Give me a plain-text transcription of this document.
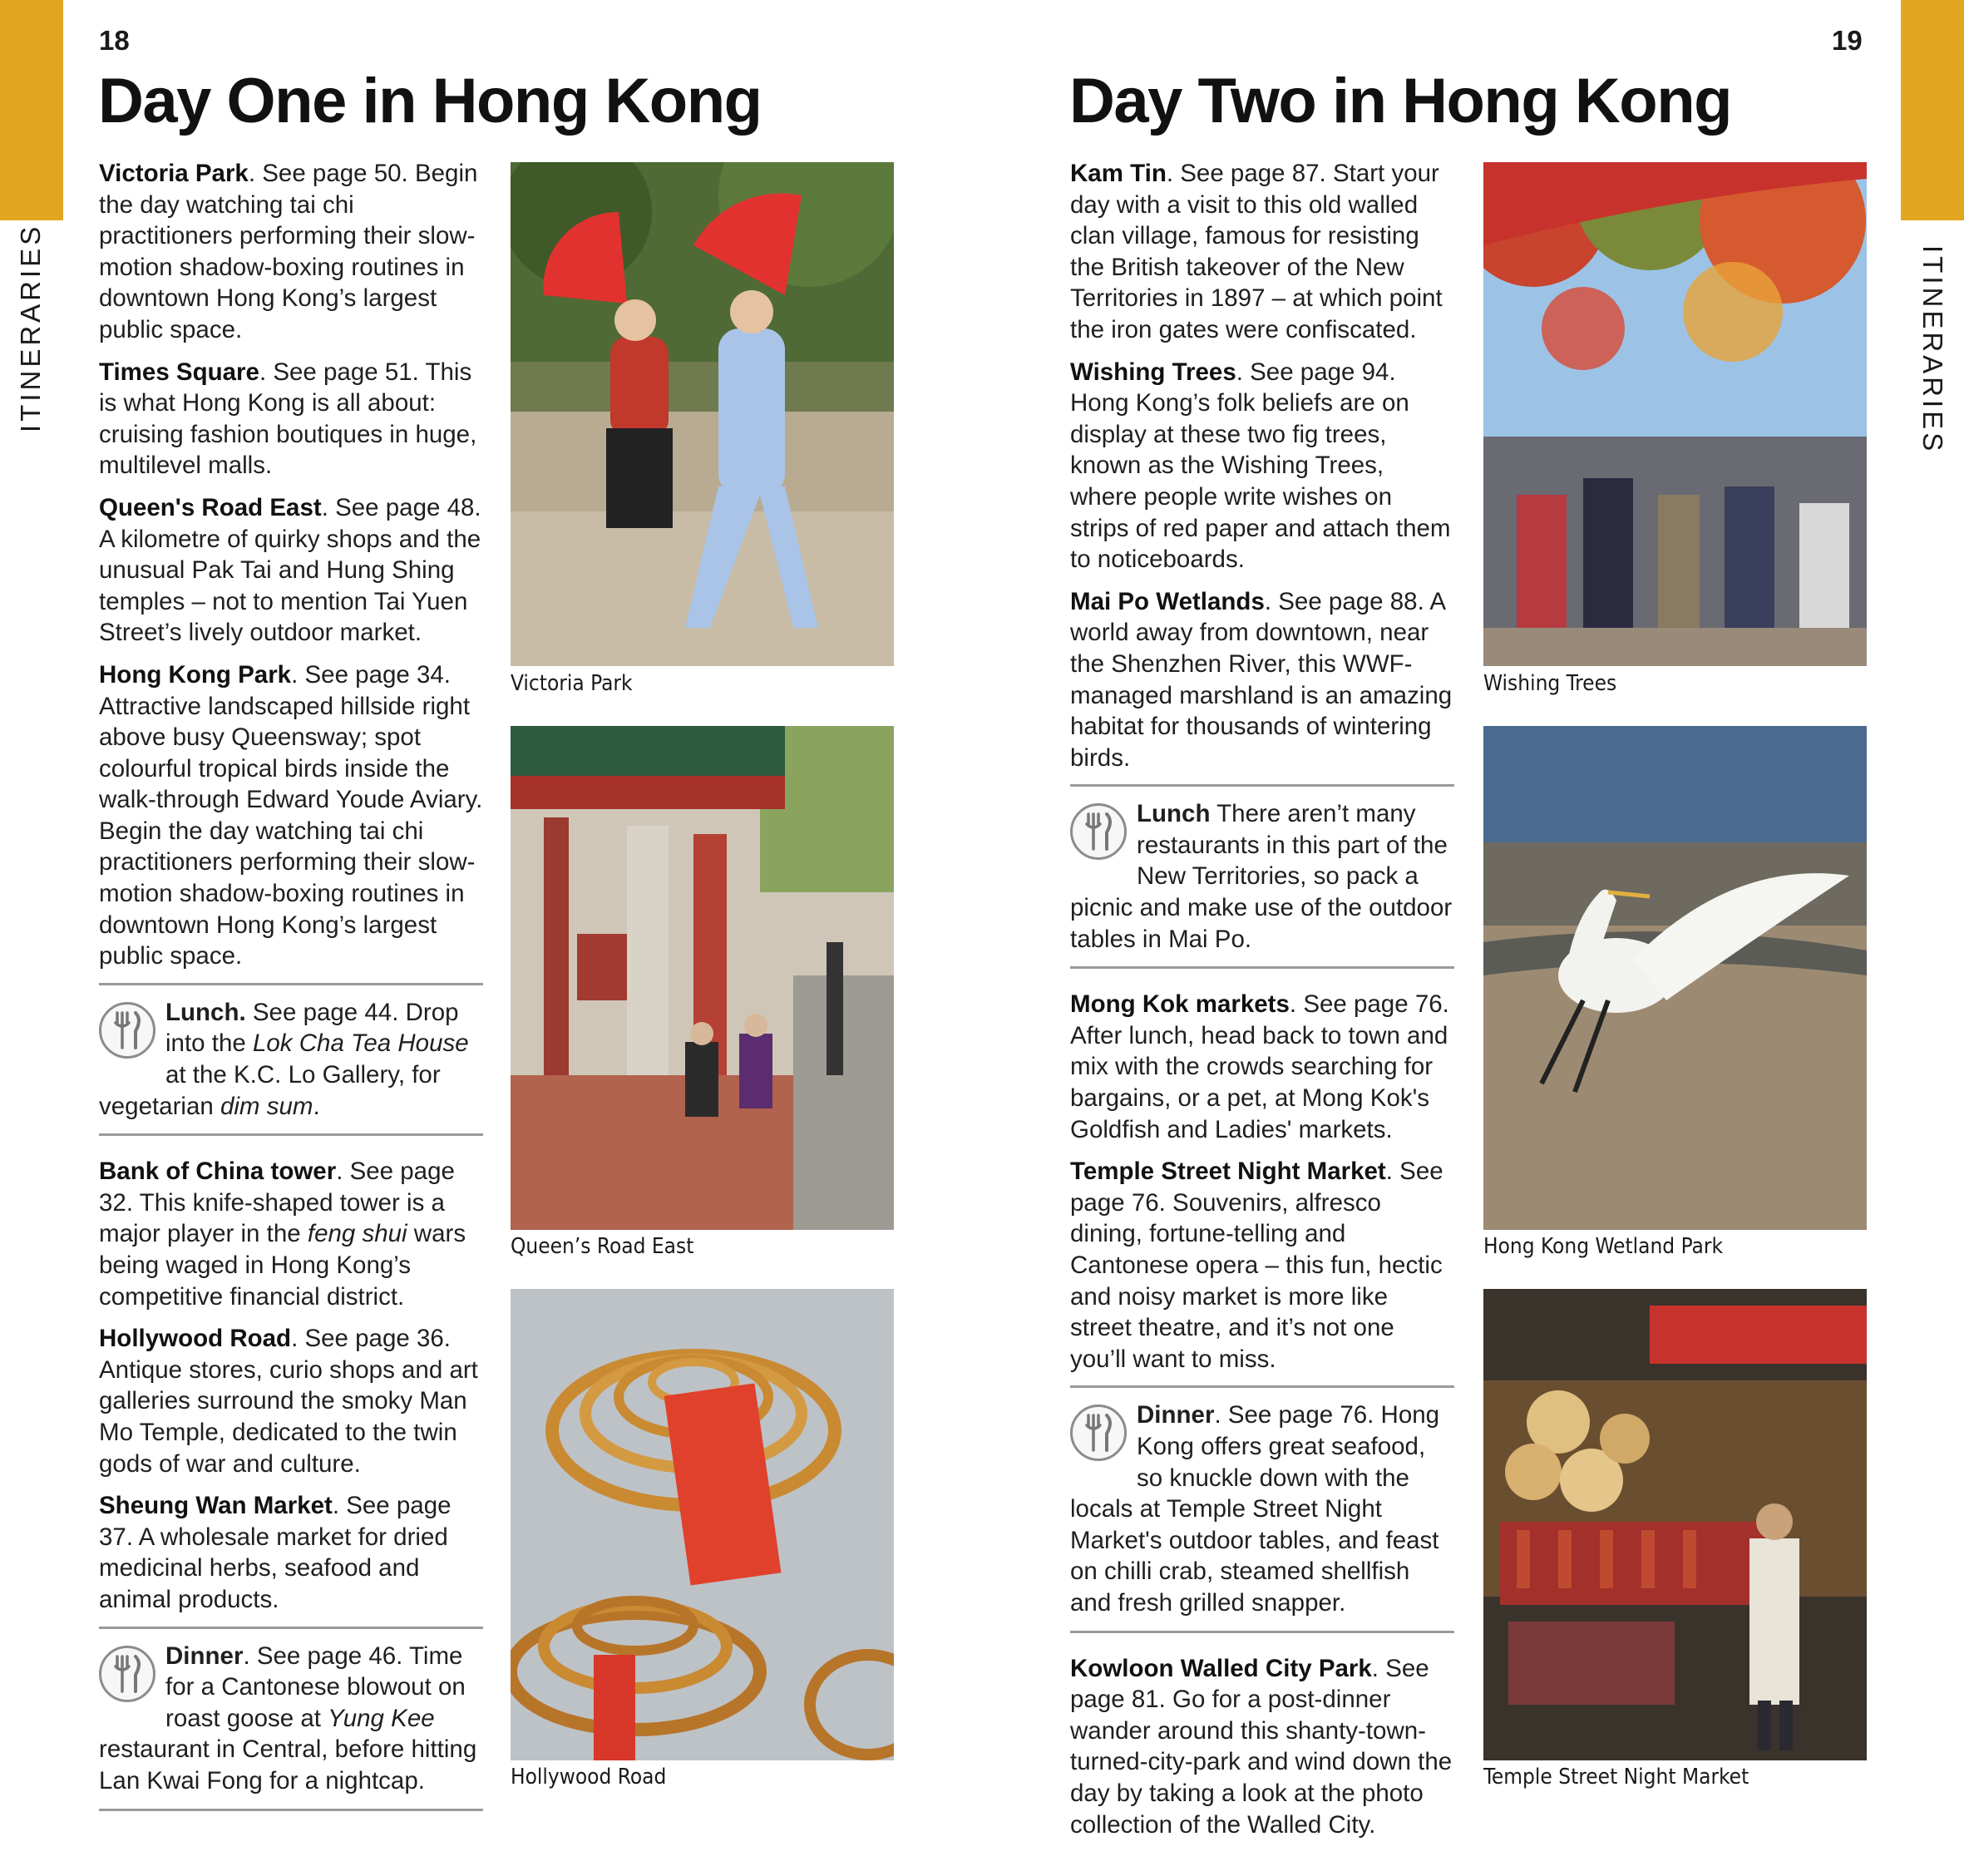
ITINERARIES	ITINERARIES
18	19
Day One in Hong Kong	Day Two in Hong Kong

Victoria Park. See page 50. Begin the day watching tai chi practitioners performing their slow-motion shadow-boxing routines in downtown Hong Kong’s largest public space.

Times Square. See page 51. This is what Hong Kong is all about: cruising fashion boutiques in huge, multilevel malls.

Queen's Road East. See page 48. A kilometre of quirky shops and the unusual Pak Tai and Hung Shing temples – not to mention Tai Yuen Street’s lively outdoor market.

Hong Kong Park. See page 34. Attractive landscaped hillside right above busy Queensway; spot colourful tropical birds inside the walk-through Edward Youde Aviary. Begin the day watching tai chi practitioners performing their slow-motion shadow-boxing routines in downtown Hong Kong’s largest public space.

Lunch. See page 44. Drop into the Lok Cha Tea House at the K.C. Lo Gallery, for vegetarian dim sum.

Bank of China tower. See page 32. This knife-shaped tower is a major player in the feng shui wars being waged in Hong Kong’s competitive financial district.

Hollywood Road. See page 36. Antique stores, curio shops and art galleries surround the smoky Man Mo Temple, dedicated to the twin gods of war and culture.

Sheung Wan Market. See page 37. A wholesale market for dried medicinal herbs, seafood and animal products.

Dinner. See page 46. Time for a Cantonese blowout on roast goose at Yung Kee restaurant in Central, before hitting Lan Kwai Fong for a nightcap.
Victoria Park
Queen’s Road East
Hollywood Road

Kam Tin. See page 87. Start your day with a visit to this old walled clan village, famous for resisting the British takeover of the New Territories in 1897 – at which point the iron gates were confiscated.

Wishing Trees. See page 94. Hong Kong’s folk beliefs are on display at these two fig trees, known as the Wishing Trees, where people write wishes on strips of red paper and attach them to noticeboards.

Mai Po Wetlands. See page 88. A world away from downtown, near the Shenzhen River, this WWF-managed marshland is an amazing habitat for thousands of wintering birds.

Lunch There aren’t many restaurants in this part of the New Territories, so pack a picnic and make use of the outdoor tables in Mai Po.

Mong Kok markets. See page 76. After lunch, head back to town and mix with the crowds searching for bargains, or a pet, at Mong Kok's Goldfish and Ladies' markets.

Temple Street Night Market. See page 76. Souvenirs, alfresco dining, fortune-telling and Cantonese opera – this fun, hectic and noisy market is more like street theatre, and it’s not one you’ll want to miss.

Dinner. See page 76. Hong Kong offers great seafood, so knuckle down with the locals at Temple Street Night Market's outdoor tables, and feast on chilli crab, steamed shellfish and fresh grilled snapper.

Kowloon Walled City Park. See page 81. Go for a post-dinner wander around this shanty-town-turned-city-park and wind down the day by taking a look at the photo collection of the Walled City.

Wishing Trees
Hong Kong Wetland Park
Temple Street Night Market
